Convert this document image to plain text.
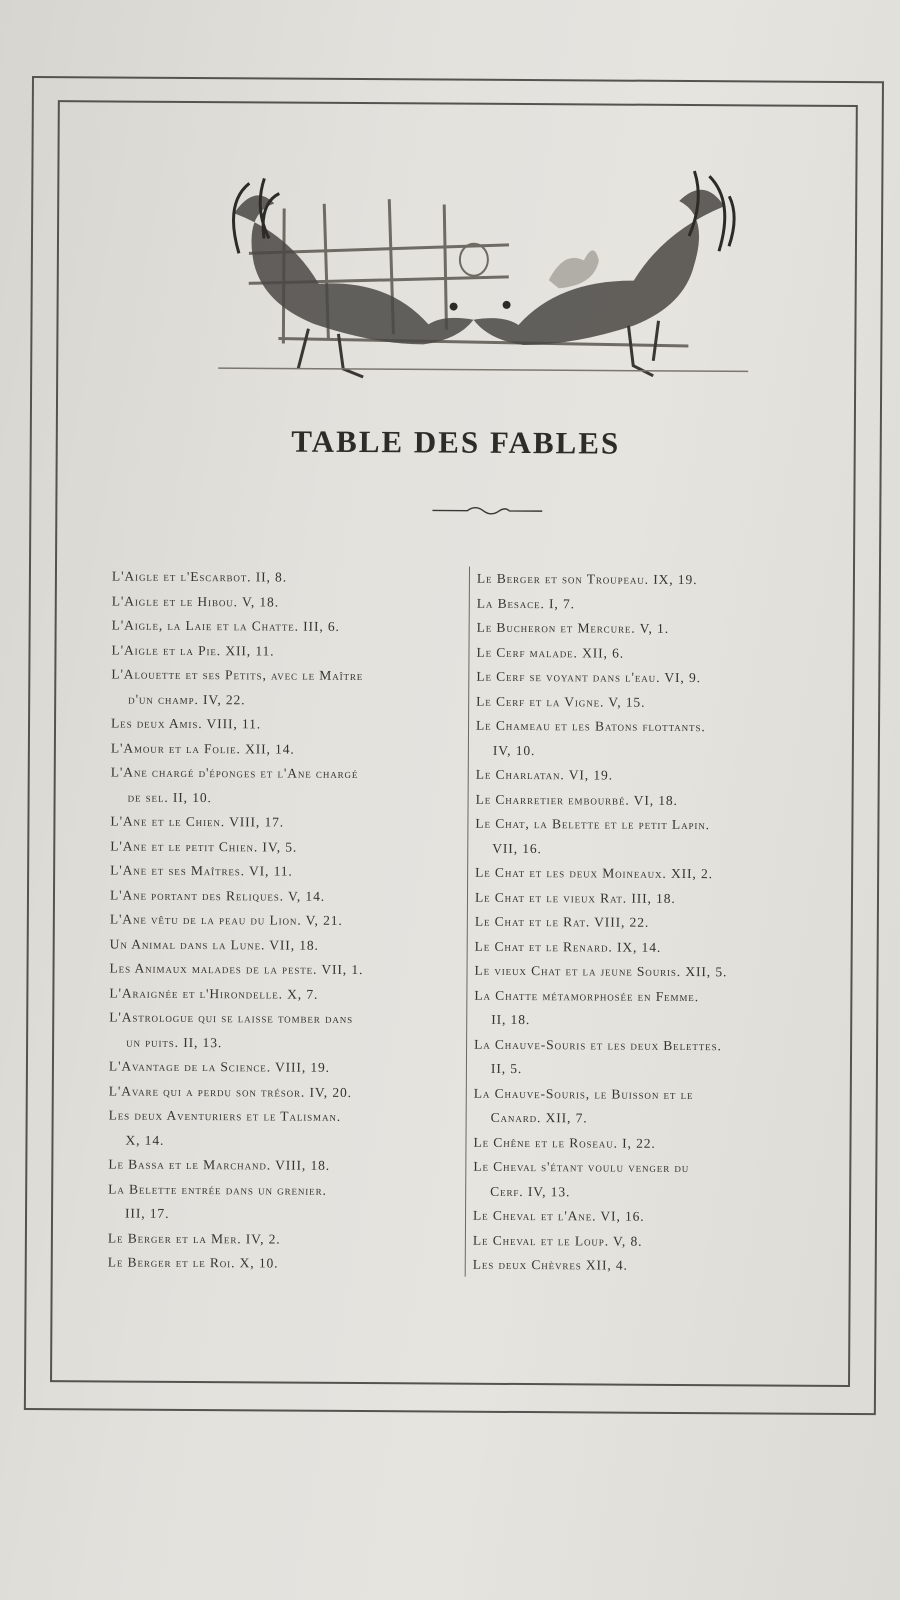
TABLE DES FABLES
L'Aigle et l'Escarbot. II, 8.
L'Aigle et le Hibou. V, 18.
L'Aigle, la Laie et la Chatte. III, 6.
L'Aigle et la Pie. XII, 11.
L'Alouette et ses Petits, avec le Maître
d'un champ. IV, 22.
Les deux Amis. VIII, 11.
L'Amour et la Folie. XII, 14.
L'Ane chargé d'éponges et l'Ane chargé
de sel. II, 10.
L'Ane et le Chien. VIII, 17.
L'Ane et le petit Chien. IV, 5.
L'Ane et ses Maîtres. VI, 11.
L'Ane portant des Reliques. V, 14.
L'Ane vêtu de la peau du Lion. V, 21.
Un Animal dans la Lune. VII, 18.
Les Animaux malades de la peste. VII, 1.
L'Araignée et l'Hirondelle. X, 7.
L'Astrologue qui se laisse tomber dans
un puits. II, 13.
L'Avantage de la Science. VIII, 19.
L'Avare qui a perdu son trésor. IV, 20.
Les deux Aventuriers et le Talisman.
X, 14.
Le Bassa et le Marchand. VIII, 18.
La Belette entrée dans un grenier.
III, 17.
Le Berger et la Mer. IV, 2.
Le Berger et le Roi. X, 10.
Le Berger et son Troupeau. IX, 19.
La Besace. I, 7.
Le Bucheron et Mercure. V, 1.
Le Cerf malade. XII, 6.
Le Cerf se voyant dans l'eau. VI, 9.
Le Cerf et la Vigne. V, 15.
Le Chameau et les Batons flottants.
IV, 10.
Le Charlatan. VI, 19.
Le Charretier embourbé. VI, 18.
Le Chat, la Belette et le petit Lapin.
VII, 16.
Le Chat et les deux Moineaux. XII, 2.
Le Chat et le vieux Rat. III, 18.
Le Chat et le Rat. VIII, 22.
Le Chat et le Renard. IX, 14.
Le vieux Chat et la jeune Souris. XII, 5.
La Chatte métamorphosée en Femme.
II, 18.
La Chauve-Souris et les deux Belettes.
II, 5.
La Chauve-Souris, le Buisson et le
Canard. XII, 7.
Le Chêne et le Roseau. I, 22.
Le Cheval s'étant voulu venger du
Cerf. IV, 13.
Le Cheval et l'Ane. VI, 16.
Le Cheval et le Loup. V, 8.
Les deux Chèvres XII, 4.
